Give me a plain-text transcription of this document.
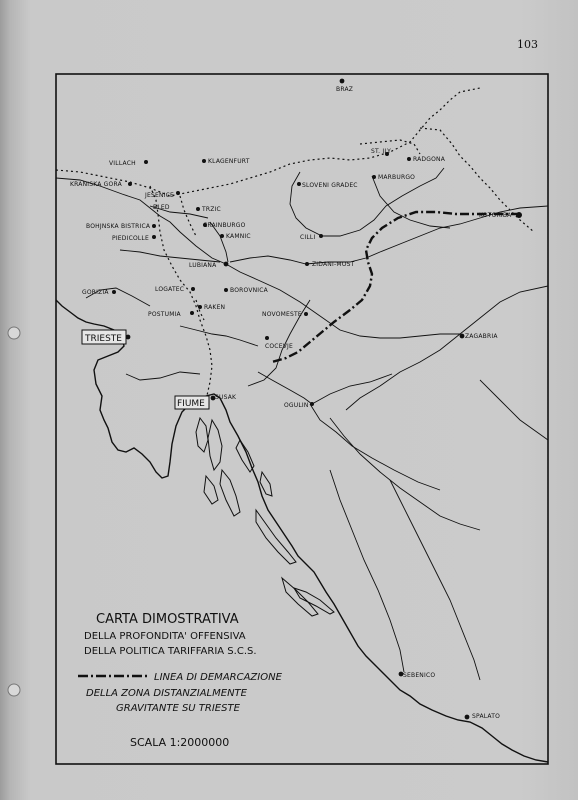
103
BRAZ
VILLACH	KLAGENFURT
ST. ILY
RADGONA
KRANISKA GORA
JESENICE
BLED	TRZIC
SLOVENI GRADEC
MARBURGO
KOTORIBA
BOHJNSKA BISTRICA
PIEDICOLLE
CRAINBURGO
KAMNIC	CILLI
LUBIANA	ZIDANI-MOST
GORIZIA	LOGATEC	BOROVNICA
RAKEN
POSTUMIA	NOVOMESTE
TRIESTE
COCEVJE
ZAGABRIA
FIUME
SUSAK
OGULIN
SEBENICO
SPALATO
CARTA DIMOSTRATIVA
DELLA PROFONDITA' OFFENSIVA
DELLA POLITICA TARIFFARIA S.C.S.
LINEA DI DEMARCAZIONE
DELLA ZONA DISTANZIALMENTE
GRAVITANTE SU TRIESTE
SCALA 1:2000000
